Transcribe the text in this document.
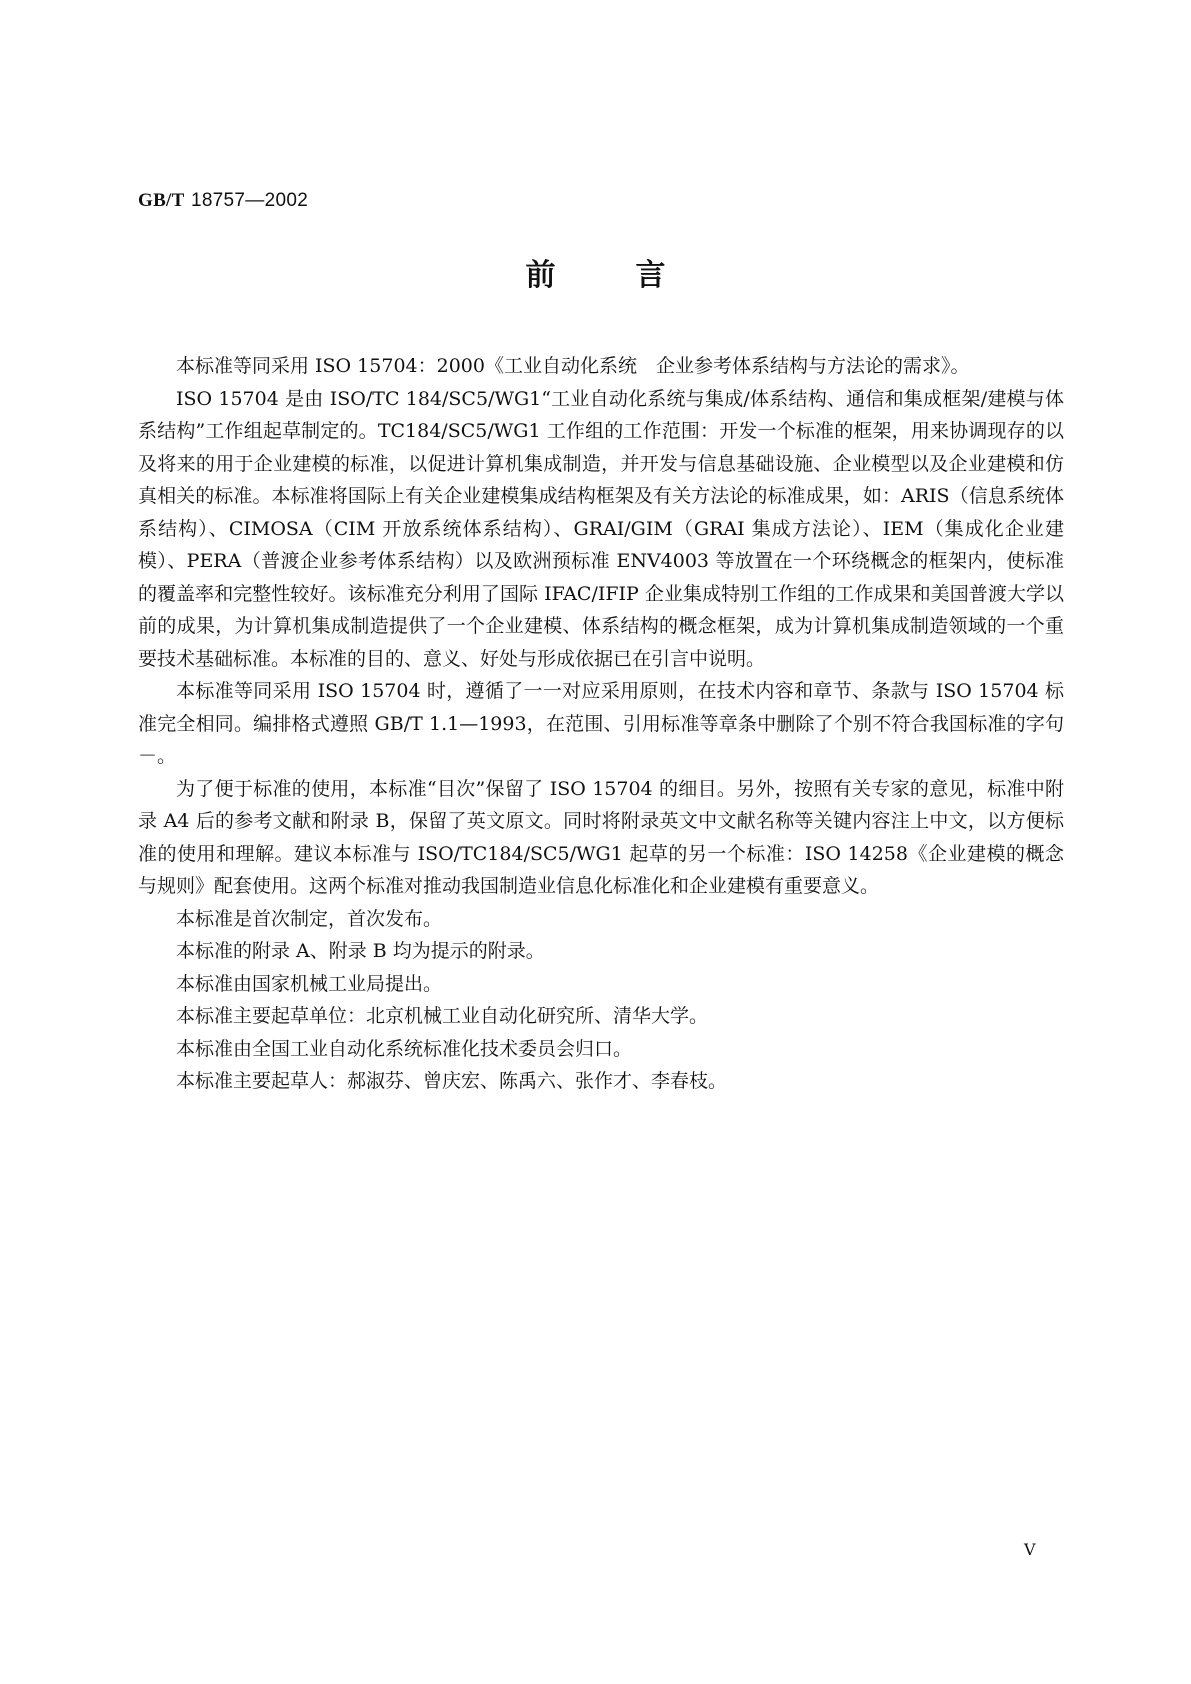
GB/T 18757—2002
前言

本标准等同采用 ISO 15704：2000《工业自动化系统　企业参考体系结构与方法论的需求》。

ISO 15704 是由 ISO/TC 184/SC5/WG1“工业自动化系统与集成/体系结构、通信和集成框架/建模与体系结构”工作组起草制定的。TC184/SC5/WG1 工作组的工作范围：开发一个标准的框架，用来协调现存的以及将来的用于企业建模的标准，以促进计算机集成制造，并开发与信息基础设施、企业模型以及企业建模和仿真相关的标准。本标准将国际上有关企业建模集成结构框架及有关方法论的标准成果，如：ARIS（信息系统体系结构）、CIMOSA（CIM 开放系统体系结构）、GRAI/GIM（GRAI 集成方法论）、IEM（集成化企业建模）、PERA（普渡企业参考体系结构）以及欧洲预标准 ENV4003 等放置在一个环绕概念的框架内，使标准的覆盖率和完整性较好。该标准充分利用了国际 IFAC/IFIP 企业集成特别工作组的工作成果和美国普渡大学以前的成果，为计算机集成制造提供了一个企业建模、体系结构的概念框架，成为计算机集成制造领域的一个重要技术基础标准。本标准的目的、意义、好处与形成依据已在引言中说明。

本标准等同采用 ISO 15704 时，遵循了一一对应采用原则，在技术内容和章节、条款与 ISO 15704 标准完全相同。编排格式遵照 GB/T 1.1—1993，在范围、引用标准等章条中删除了个别不符合我国标准的字句－。

为了便于标准的使用，本标准“目次”保留了 ISO 15704 的细目。另外，按照有关专家的意见，标准中附录 A4 后的参考文献和附录 B，保留了英文原文。同时将附录英文中文献名称等关键内容注上中文，以方便标准的使用和理解。建议本标准与 ISO/TC184/SC5/WG1 起草的另一个标准：ISO 14258《企业建模的概念与规则》配套使用。这两个标准对推动我国制造业信息化标准化和企业建模有重要意义。

本标准是首次制定，首次发布。

本标准的附录 A、附录 B 均为提示的附录。

本标准由国家机械工业局提出。

本标准主要起草单位：北京机械工业自动化研究所、清华大学。

本标准由全国工业自动化系统标准化技术委员会归口。

本标准主要起草人：郝淑芬、曾庆宏、陈禹六、张作才、李春枝。

V
